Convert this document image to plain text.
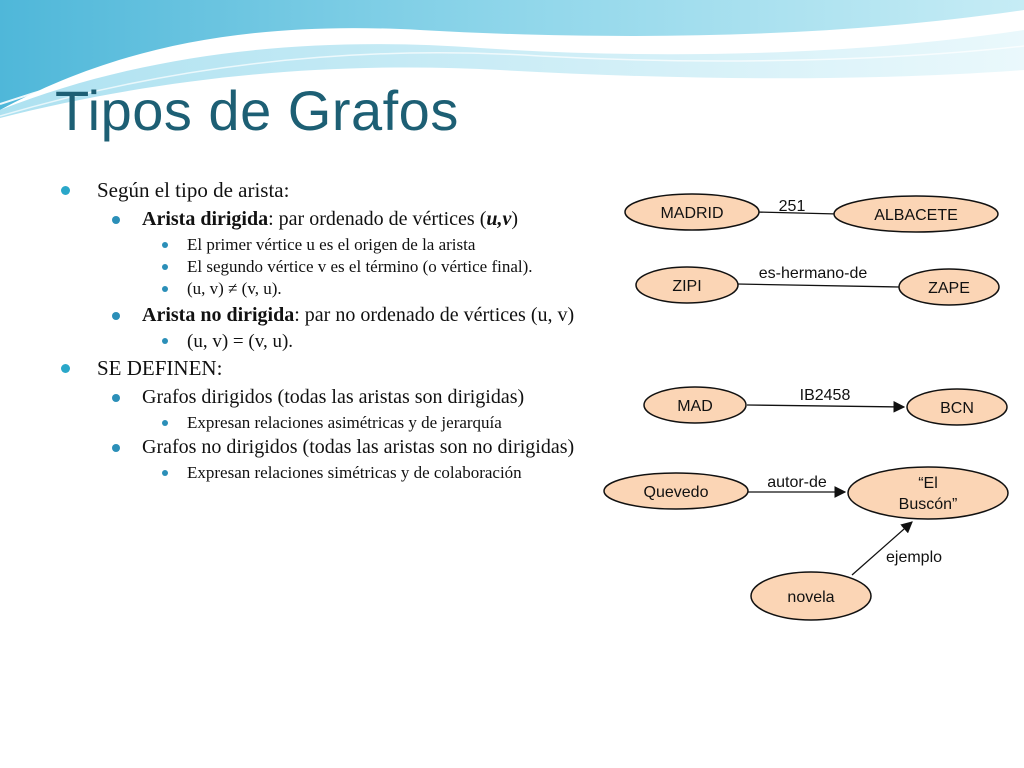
Tipos de Grafos
Según el tipo de arista:
Arista dirigida: par ordenado de vértices (u,v)
El primer vértice u es el origen de la arista
El segundo vértice v es el término (o vértice final).
(u, v) ≠ (v, u).
Arista no dirigida: par no ordenado de vértices (u, v)
(u, v) = (v, u).
SE DEFINEN:
Grafos dirigidos (todas las aristas son dirigidas)
Expresan relaciones asimétricas y de jerarquía
Grafos no dirigidos (todas las aristas son no dirigidas)
Expresan relaciones simétricas y de colaboración
251
es-hermano-de
IB2458
autor-de
ejemplo
MADRID	ALBACETE
ZIPI	ZAPE
MAD	BCN
Quevedo
“El
Buscón”
novela
